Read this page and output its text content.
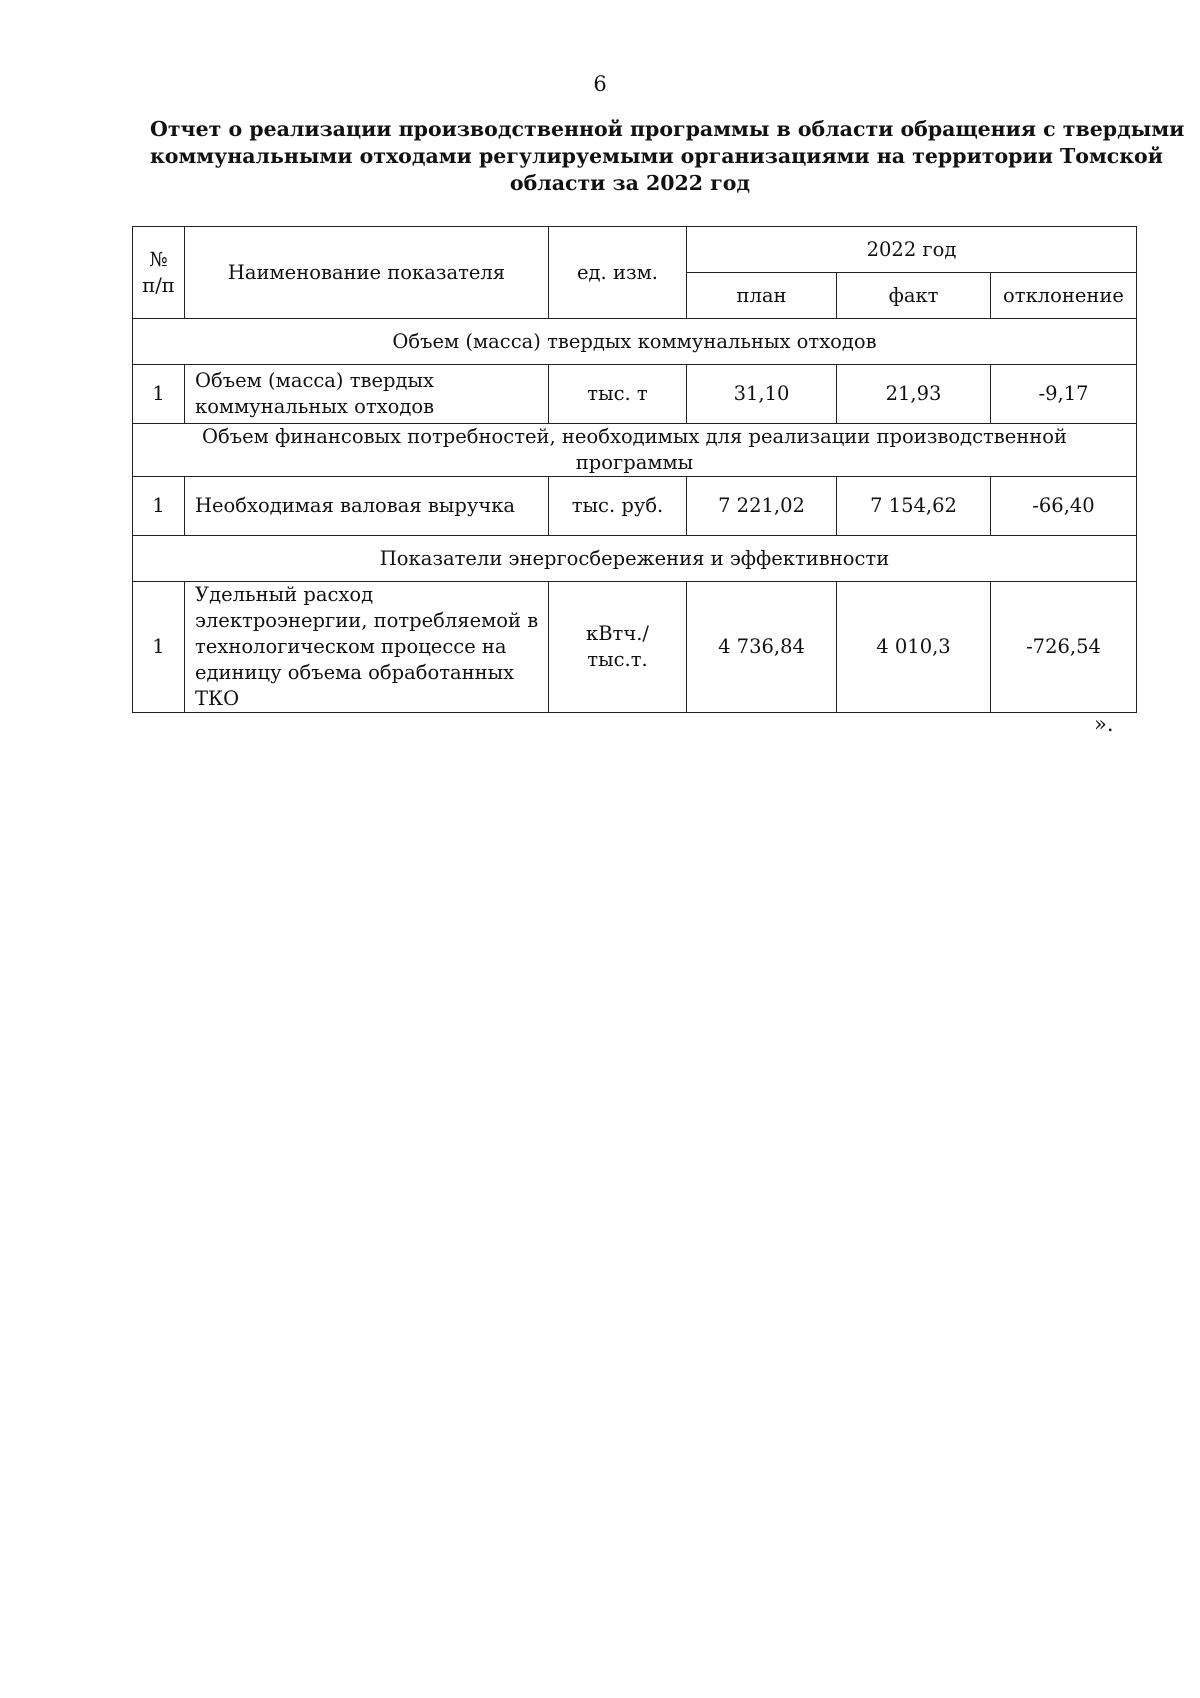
6
Отчет о реализации производственной программы в области обращения с твердыми
коммунальными отходами регулируемыми организациями на территории Томской
области за 2022 год
№ п/п	Наименование показателя	ед. изм.	2022 год		
			план	факт	отклонение
Объем (масса) твердых коммунальных отходов					
1	Объем (масса) твердых коммунальных отходов	тыс. т	31,10	21,93	-9,17
Объем финансовых потребностей, необходимых для реализации производственной программы					
1	Необходимая валовая выручка	тыс. руб.	7 221,02	7 154,62	-66,40
Показатели энергосбережения и эффективности					
1	Удельный расход электроэнергии, потребляемой в технологическом процессе на единицу объема обработанных ТКО	кВтч./тыс.т.	4 736,84	4 010,3	-726,54
».
